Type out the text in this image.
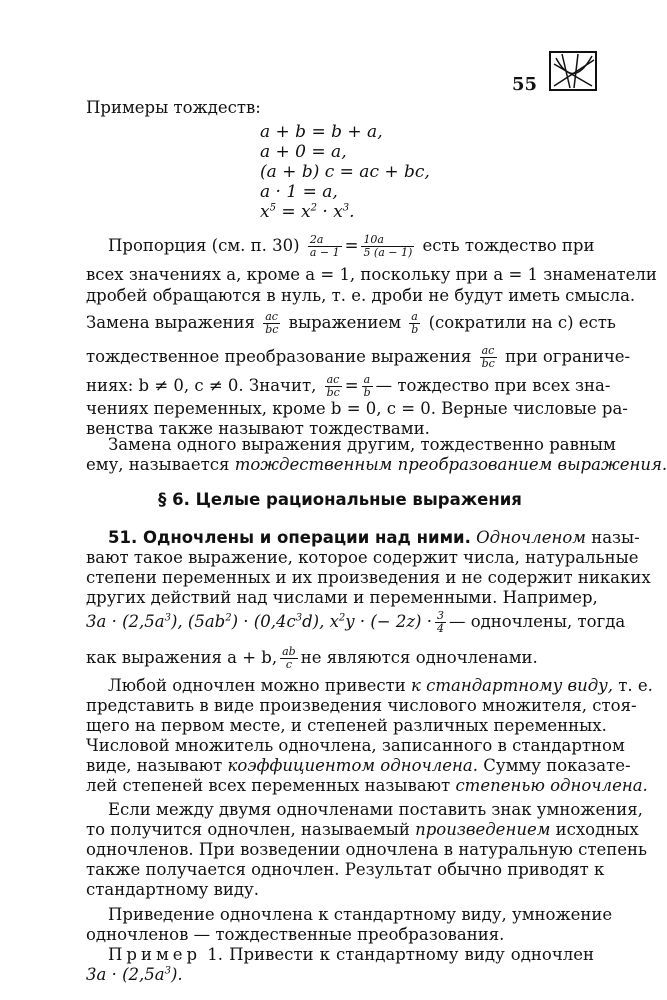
55
Примеры тождеств:
a + b = b + a,
a + 0 = a,
(a + b) c = ac + bc,
a · 1 = a,
$x^5 = x^2 \cdot x^3$.
Пропорция (см. п. $30) \frac{2a}{a - 1} = \frac{10a}{5 (a - 1)}$ есть тождество при
всех значениях a, кроме a = 1, поскольку при a = 1 знаменатели
дробей обращаются в нуль, т. е. дроби не будут иметь смысла.
Замена выражения $\frac{ac}{bc}$ выражением $\frac{a}{b}$ (сократили на c) есть
тождественное преобразование выражения $\frac{ac}{bc}$ при ограниче-
ниях: b ≠ 0, c ≠ 0. Значит, $\frac{ac}{bc} = \frac{a}{b}$ — тождество при всех зна-
чениях переменных, кроме b = 0, c = 0. Верные числовые ра-
венства также называют тождествами.
Замена одного выражения другим, тождественно равным
ему, называется тождественным преобразованием выражения.
§ 6. Целые рациональные выражения
51. Одночлены и операции над ними. Одночленом назы-
вают такое выражение, которое содержит числа, натуральные
степени переменных и их произведения и не содержит никаких
других действий над числами и переменными. Например,
$3a \cdot (2,5a^3)$, $(5ab^2) \cdot (0,4c^3d)$, $x^2y$ · (− $2z) \cdot \frac{3}{4}$ — одночлены, тогда
как выражения a + b, $\frac{ab}{c}$ не являются одночленами.
Любой одночлен можно привести к стандартному виду, т. е.
представить в виде произведения числового множителя, стоя-
щего на первом месте, и степеней различных переменных.
Числовой множитель одночлена, записанного в стандартном
виде, называют коэффициентом одночлена. Сумму показате-
лей степеней всех переменных называют степенью одночлена.
Если между двумя одночленами поставить знак умножения,
то получится одночлен, называемый произведением исходных
одночленов. При возведении одночлена в натуральную степень
также получается одночлен. Результат обычно приводят к
стандартному виду.
Приведение одночлена к стандартному виду, умножение
одночленов — тождественные преобразования.
Пример 1. Привести к стандартному виду одночлен
$3a \cdot (2,5a^3)$.
